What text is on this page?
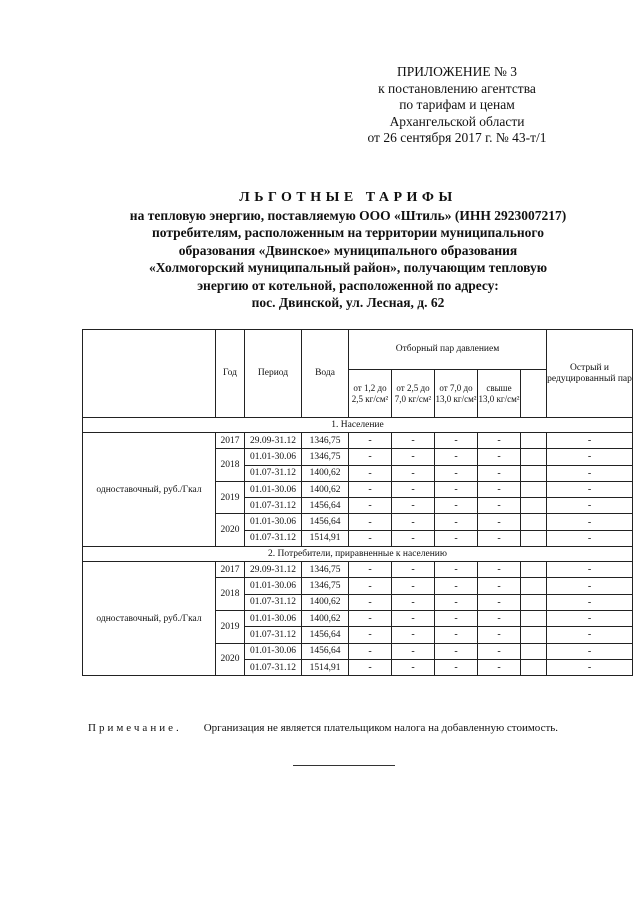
ПРИЛОЖЕНИЕ № 3
к постановлению агентства
по тарифам и ценам
Архангельской области
от 26 сентября 2017 г. № 43-т/1
ЛЬГОТНЫЕ ТАРИФЫ
на тепловую энергию, поставляемую ООО «Штиль» (ИНН 2923007217)
потребителям, расположенным на территории муниципального
образования «Двинское» муниципального образования
«Холмогорский муниципальный район», получающим тепловую
энергию от котельной, расположенной по адресу:
пос. Двинской, ул. Лесная, д. 62
	Год	Период	Вода	Отборный пар давлением					Острый и редуцированный пар
				от 1,2 до 2,5 кг/см²	от 2,5 до 7,0 кг/см²	от 7,0 до 13,0 кг/см²	свыше 13,0 кг/см²		
1. Население									
одноставочный, руб./Гкал	2017	29.09-31.12	1346,75	-	-	-	-		-
	2018	01.01-30.06	1346,75	-	-	-	-		-
		01.07-31.12	1400,62	-	-	-	-		-
	2019	01.01-30.06	1400,62	-	-	-	-		-
		01.07-31.12	1456,64	-	-	-	-		-
	2020	01.01-30.06	1456,64	-	-	-	-		-
		01.07-31.12	1514,91	-	-	-	-		-
2. Потребители, приравненные к населению									
одноставочный, руб./Гкал	2017	29.09-31.12	1346,75	-	-	-	-		-
	2018	01.01-30.06	1346,75	-	-	-	-		-
		01.07-31.12	1400,62	-	-	-	-		-
	2019	01.01-30.06	1400,62	-	-	-	-		-
		01.07-31.12	1456,64	-	-	-	-		-
	2020	01.01-30.06	1456,64	-	-	-	-		-
		01.07-31.12	1514,91	-	-	-	-		-
Примечание. Организация не является плательщиком налога на добавленную стоимость.
